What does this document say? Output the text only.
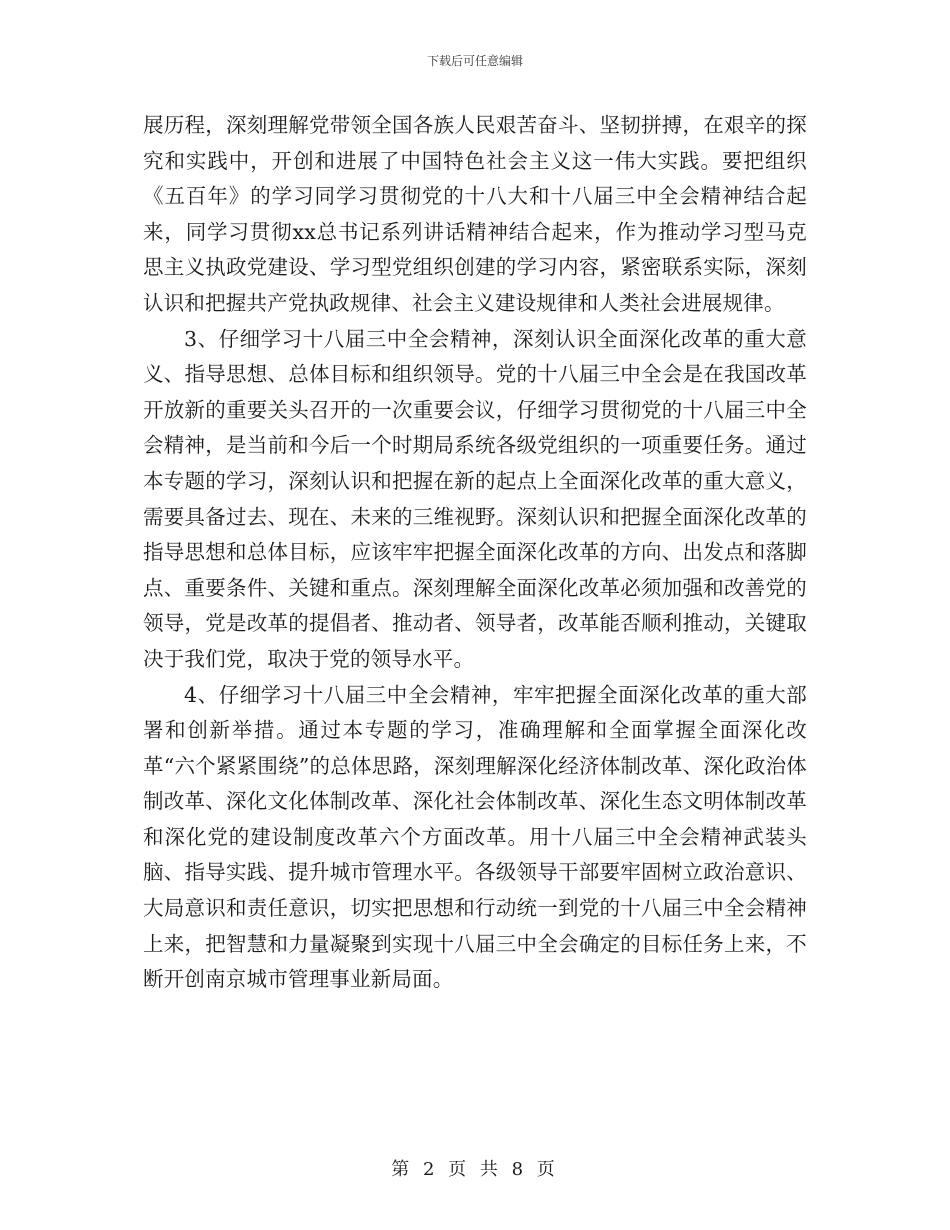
下载后可任意编辑

展历程，深刻理解党带领全国各族人民艰苦奋斗、坚韧拼搏，在艰辛的探究和实践中，开创和进展了中国特色社会主义这一伟大实践。要把组织《五百年》的学习同学习贯彻党的十八大和十八届三中全会精神结合起来，同学习贯彻xx总书记系列讲话精神结合起来，作为推动学习型马克思主义执政党建设、学习型党组织创建的学习内容，紧密联系实际，深刻认识和把握共产党执政规律、社会主义建设规律和人类社会进展规律。

3、仔细学习十八届三中全会精神，深刻认识全面深化改革的重大意义、指导思想、总体目标和组织领导。党的十八届三中全会是在我国改革开放新的重要关头召开的一次重要会议，仔细学习贯彻党的十八届三中全会精神，是当前和今后一个时期局系统各级党组织的一项重要任务。通过本专题的学习，深刻认识和把握在新的起点上全面深化改革的重大意义，需要具备过去、现在、未来的三维视野。深刻认识和把握全面深化改革的指导思想和总体目标，应该牢牢把握全面深化改革的方向、出发点和落脚点、重要条件、关键和重点。深刻理解全面深化改革必须加强和改善党的领导，党是改革的提倡者、推动者、领导者，改革能否顺利推动，关键取决于我们党，取决于党的领导水平。

4、仔细学习十八届三中全会精神，牢牢把握全面深化改革的重大部署和创新举措。通过本专题的学习，准确理解和全面掌握全面深化改革“六个紧紧围绕”的总体思路，深刻理解深化经济体制改革、深化政治体制改革、深化文化体制改革、深化社会体制改革、深化生态文明体制改革和深化党的建设制度改革六个方面改革。用十八届三中全会精神武装头脑、指导实践、提升城市管理水平。各级领导干部要牢固树立政治意识、大局意识和责任意识，切实把思想和行动统一到党的十八届三中全会精神上来，把智慧和力量凝聚到实现十八届三中全会确定的目标任务上来，不断开创南京城市管理事业新局面。

第 2 页 共 8 页
